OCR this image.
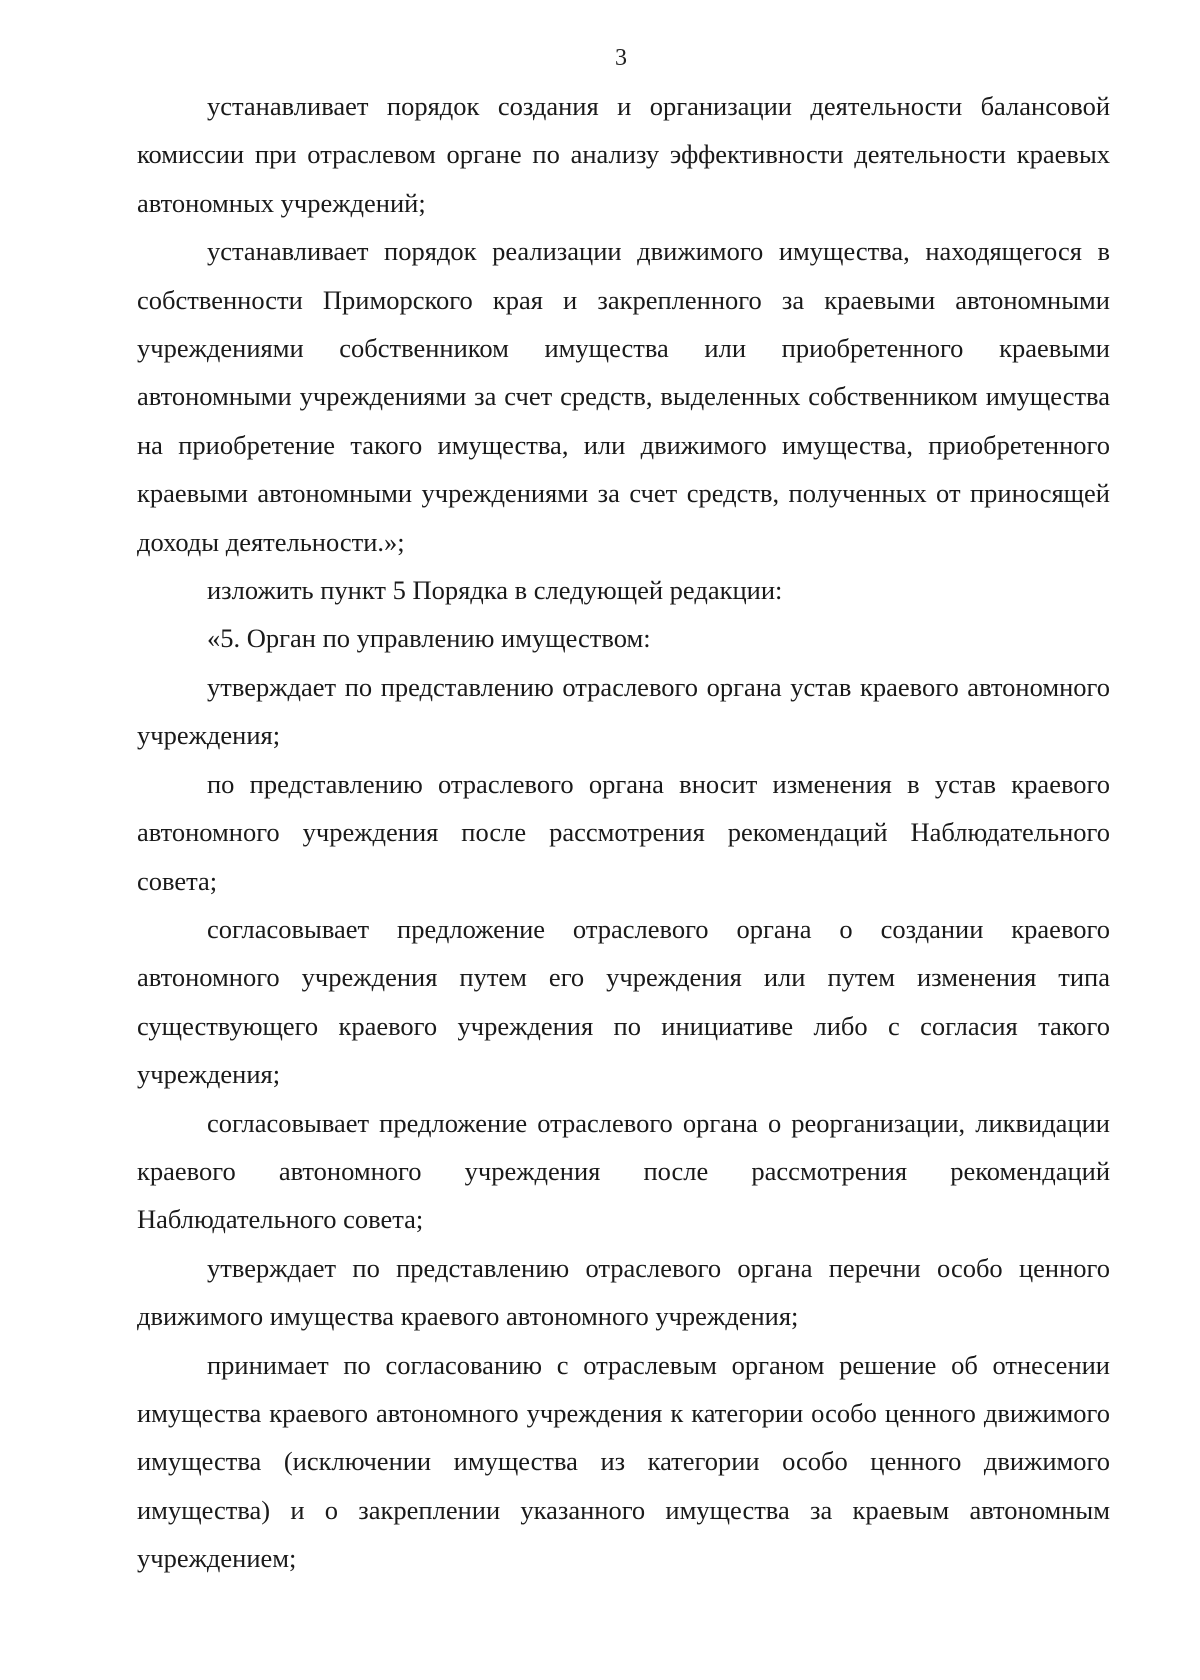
3

устанавливает порядок создания и организации деятельности балансовой комиссии при отраслевом органе по анализу эффективности деятельности краевых автономных учреждений;

устанавливает порядок реализации движимого имущества, находящегося в собственности Приморского края и закрепленного за краевыми автономными учреждениями собственником имущества или приобретенного краевыми автономными учреждениями за счет средств, выделенных собственником имущества на приобретение такого имущества, или движимого имущества, приобретенного краевыми автономными учреждениями за счет средств, полученных от приносящей доходы деятельности.»;

изложить пункт 5 Порядка в следующей редакции:

«5. Орган по управлению имуществом:

утверждает по представлению отраслевого органа устав краевого автономного учреждения;

по представлению отраслевого органа вносит изменения в устав краевого автономного учреждения после рассмотрения рекомендаций Наблюдательного совета;

согласовывает предложение отраслевого органа о создании краевого автономного учреждения путем его учреждения или путем изменения типа существующего краевого учреждения по инициативе либо с согласия такого учреждения;

согласовывает предложение отраслевого органа о реорганизации, ликвидации краевого автономного учреждения после рассмотрения рекомендаций Наблюдательного совета;

утверждает по представлению отраслевого органа перечни особо ценного движимого имущества краевого автономного учреждения;

принимает по согласованию с отраслевым органом решение об отнесении имущества краевого автономного учреждения к категории особо ценного движимого имущества (исключении имущества из категории особо ценного движимого имущества) и о закреплении указанного имущества за краевым автономным учреждением;
